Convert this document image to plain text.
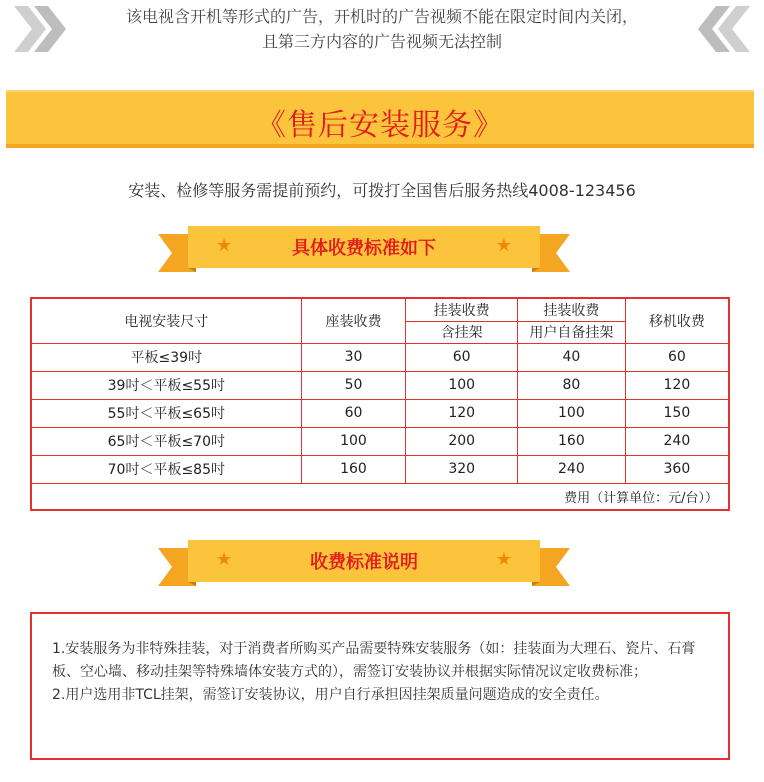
该电视含开机等形式的广告，开机时的广告视频不能在限定时间内关闭，
且第三方内容的广告视频无法控制
《售后安装服务》
安装、检修等服务需提前预约，可拨打全国售后服务热线4008-123456
★	具体收费标准如下	★
电视安装尺寸	座装收费	挂装收费	挂装收费	移机收费
		含挂架	用户自备挂架	
平板≤39吋	30	60	40	60
39吋＜平板≤55吋	50	100	80	120
55吋＜平板≤65吋	60	120	100	150
65吋＜平板≤70吋	100	200	160	240
70吋＜平板≤85吋	160	320	240	360
费用（计算单位：元/台））				
★	收费标准说明	★

1.安装服务为非特殊挂装，对于消费者所购买产品需要特殊安装服务（如：挂装面为大理石、瓷片、石膏板、空心墙、移动挂架等特殊墙体安装方式的），需签订安装协议并根据实际情况议定收费标准；

2.用户选用非TCL挂架，需签订安装协议，用户自行承担因挂架质量问题造成的安全责任。
